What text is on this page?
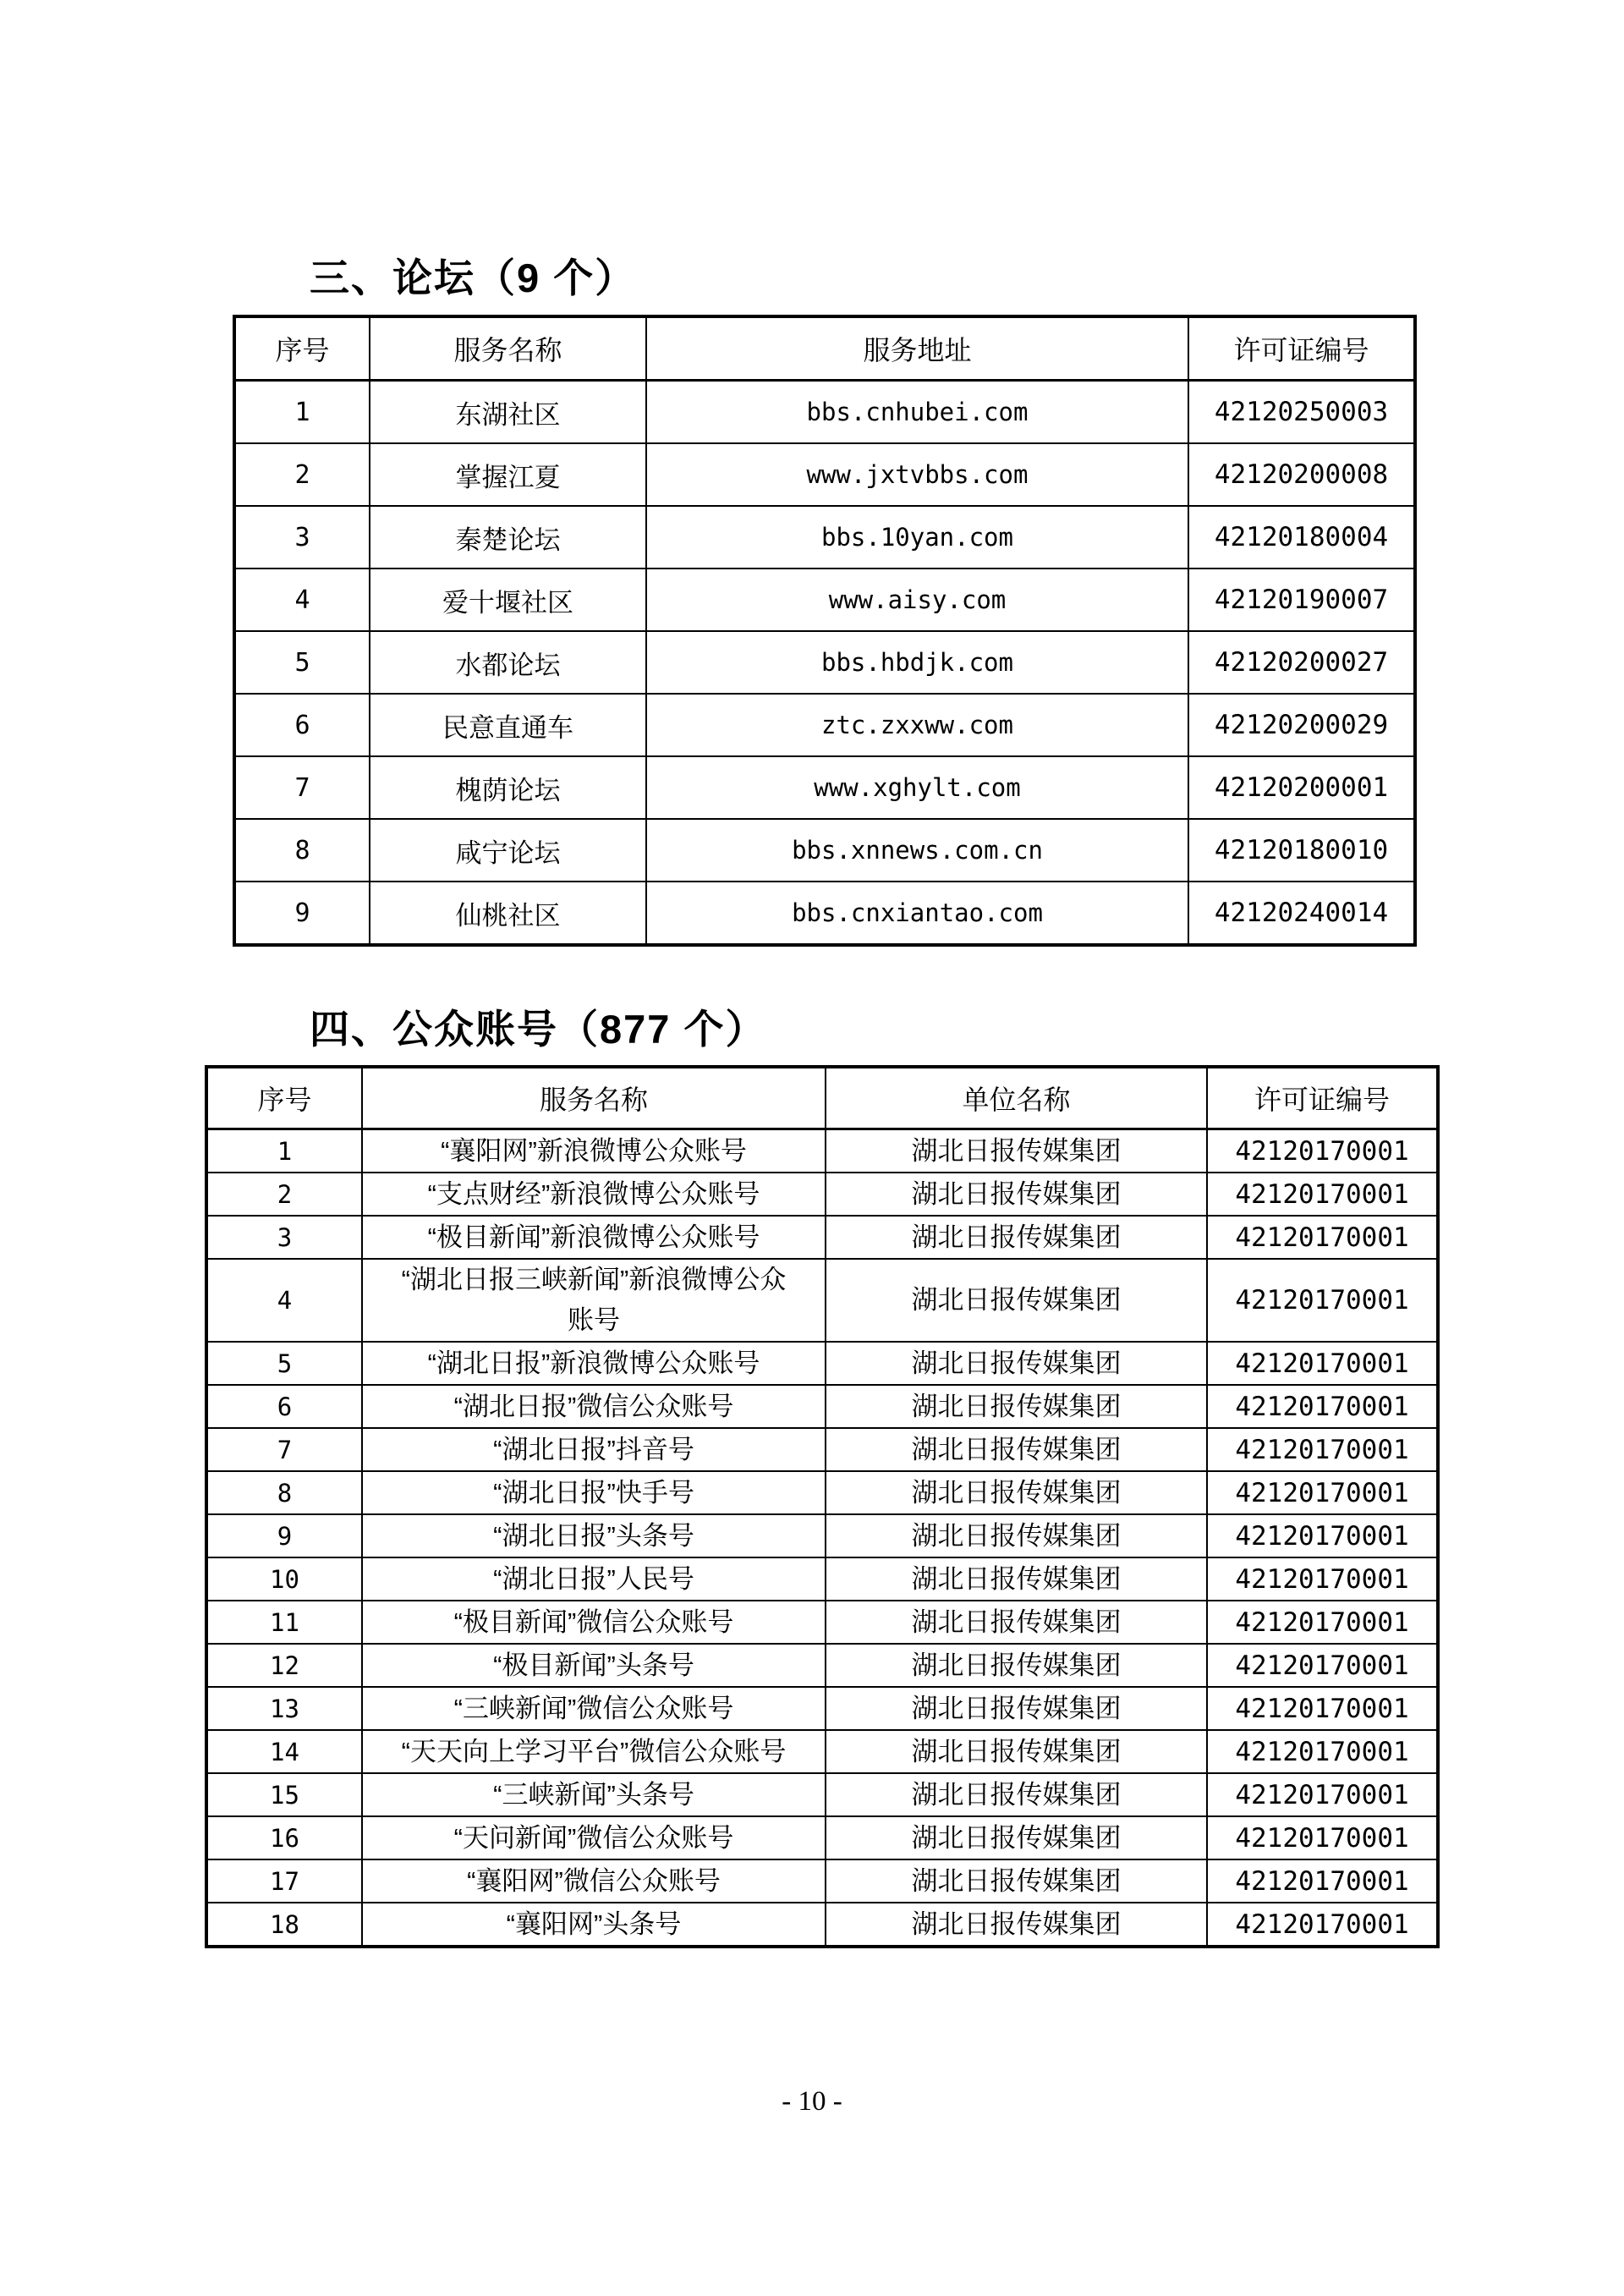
三、论坛（9 个）
序号	服务名称	服务地址	许可证编号
1	东湖社区	bbs.cnhubei.com	42120250003
2	掌握江夏	www.jxtvbbs.com	42120200008
3	秦楚论坛	bbs.10yan.com	42120180004
4	爱十堰社区	www.aisy.com	42120190007
5	水都论坛	bbs.hbdjk.com	42120200027
6	民意直通车	ztc.zxxww.com	42120200029
7	槐荫论坛	www.xghylt.com	42120200001
8	咸宁论坛	bbs.xnnews.com.cn	42120180010
9	仙桃社区	bbs.cnxiantao.com	42120240014
四、公众账号（877 个）
序号	服务名称	单位名称	许可证编号
1	“襄阳网”新浪微博公众账号	湖北日报传媒集团	42120170001
2	“支点财经”新浪微博公众账号	湖北日报传媒集团	42120170001
3	“极目新闻”新浪微博公众账号	湖北日报传媒集团	42120170001
4	“湖北日报三峡新闻”新浪微博公众账号	湖北日报传媒集团	42120170001
5	“湖北日报”新浪微博公众账号	湖北日报传媒集团	42120170001
6	“湖北日报”微信公众账号	湖北日报传媒集团	42120170001
7	“湖北日报”抖音号	湖北日报传媒集团	42120170001
8	“湖北日报”快手号	湖北日报传媒集团	42120170001
9	“湖北日报”头条号	湖北日报传媒集团	42120170001
10	“湖北日报”人民号	湖北日报传媒集团	42120170001
11	“极目新闻”微信公众账号	湖北日报传媒集团	42120170001
12	“极目新闻”头条号	湖北日报传媒集团	42120170001
13	“三峡新闻”微信公众账号	湖北日报传媒集团	42120170001
14	“天天向上学习平台”微信公众账号	湖北日报传媒集团	42120170001
15	“三峡新闻”头条号	湖北日报传媒集团	42120170001
16	“天问新闻”微信公众账号	湖北日报传媒集团	42120170001
17	“襄阳网”微信公众账号	湖北日报传媒集团	42120170001
18	“襄阳网”头条号	湖北日报传媒集团	42120170001
- 10 -
